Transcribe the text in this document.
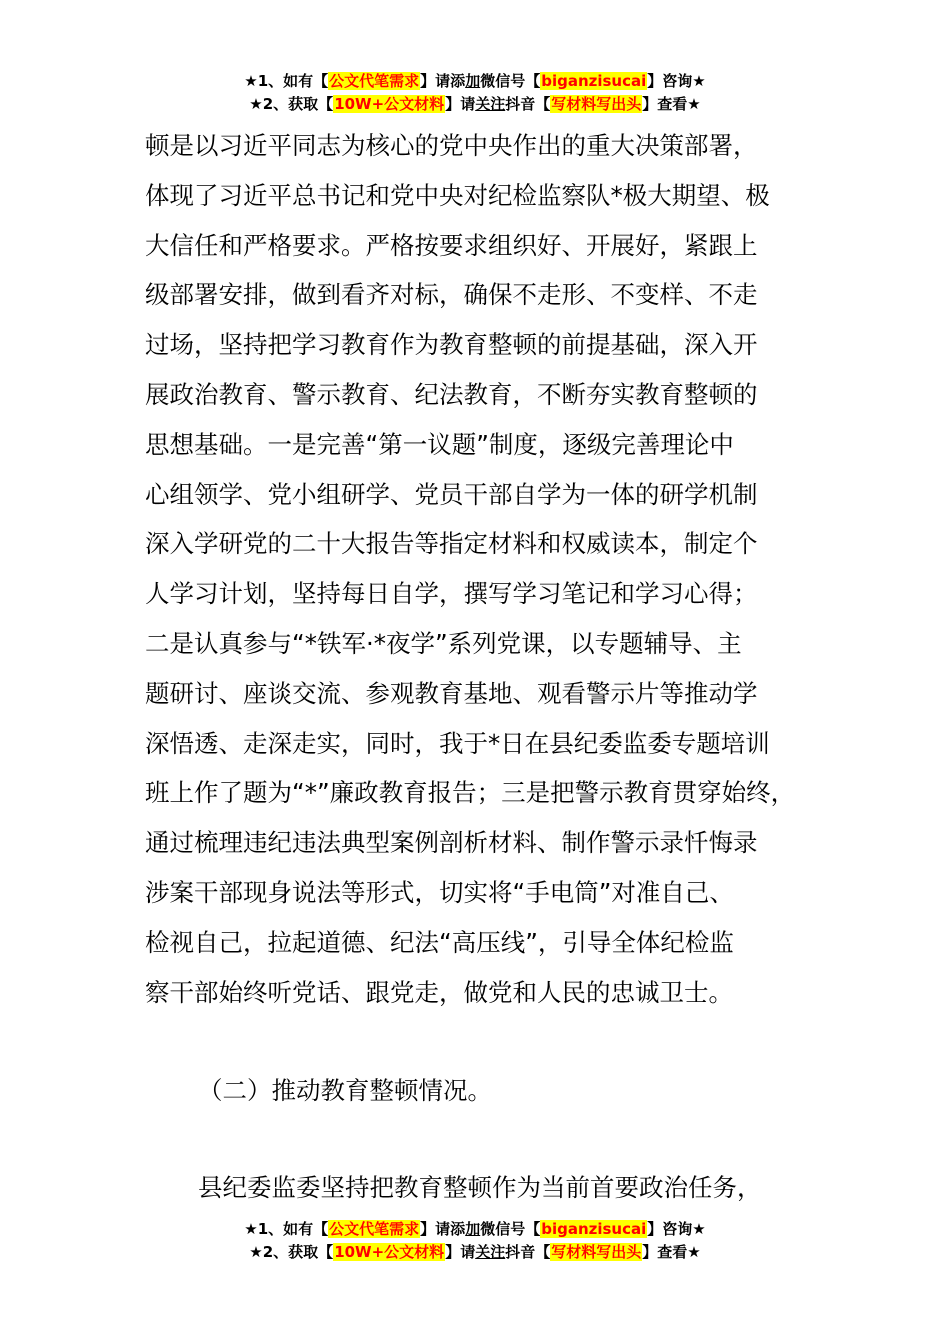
★1、如有【公文代笔需求】请添加微信号【biganzisucai】咨询★
★2、获取【10W+公文材料】请关注抖音【写材料写出头】查看★
顿是以习近平同志为核心的党中央作出的重大决策部署，
体现了习近平总书记和党中央对纪检监察队*极大期望、极
大信任和严格要求。严格按要求组织好、开展好，紧跟上
级部署安排，做到看齐对标，确保不走形、不变样、不走
过场，坚持把学习教育作为教育整顿的前提基础，深入开
展政治教育、警示教育、纪法教育，不断夯实教育整顿的
思想基础。一是完善“第一议题”制度，逐级完善理论中
心组领学、党小组研学、党员干部自学为一体的研学机制
深入学研党的二十大报告等指定材料和权威读本，制定个
人学习计划，坚持每日自学，撰写学习笔记和学习心得；
二是认真参与“*铁军·*夜学”系列党课，以专题辅导、主
题研讨、座谈交流、参观教育基地、观看警示片等推动学
深悟透、走深走实，同时，我于*日在县纪委监委专题培训
班上作了题为“*”廉政教育报告；三是把警示教育贯穿始终，
通过梳理违纪违法典型案例剖析材料、制作警示录忏悔录
涉案干部现身说法等形式，切实将“手电筒”对准自己、
检视自己，拉起道德、纪法“高压线”，引导全体纪检监
察干部始终听党话、跟党走，做党和人民的忠诚卫士。
（二）推动教育整顿情况。
县纪委监委坚持把教育整顿作为当前首要政治任务，
★1、如有【公文代笔需求】请添加微信号【biganzisucai】咨询★
★2、获取【10W+公文材料】请关注抖音【写材料写出头】查看★
